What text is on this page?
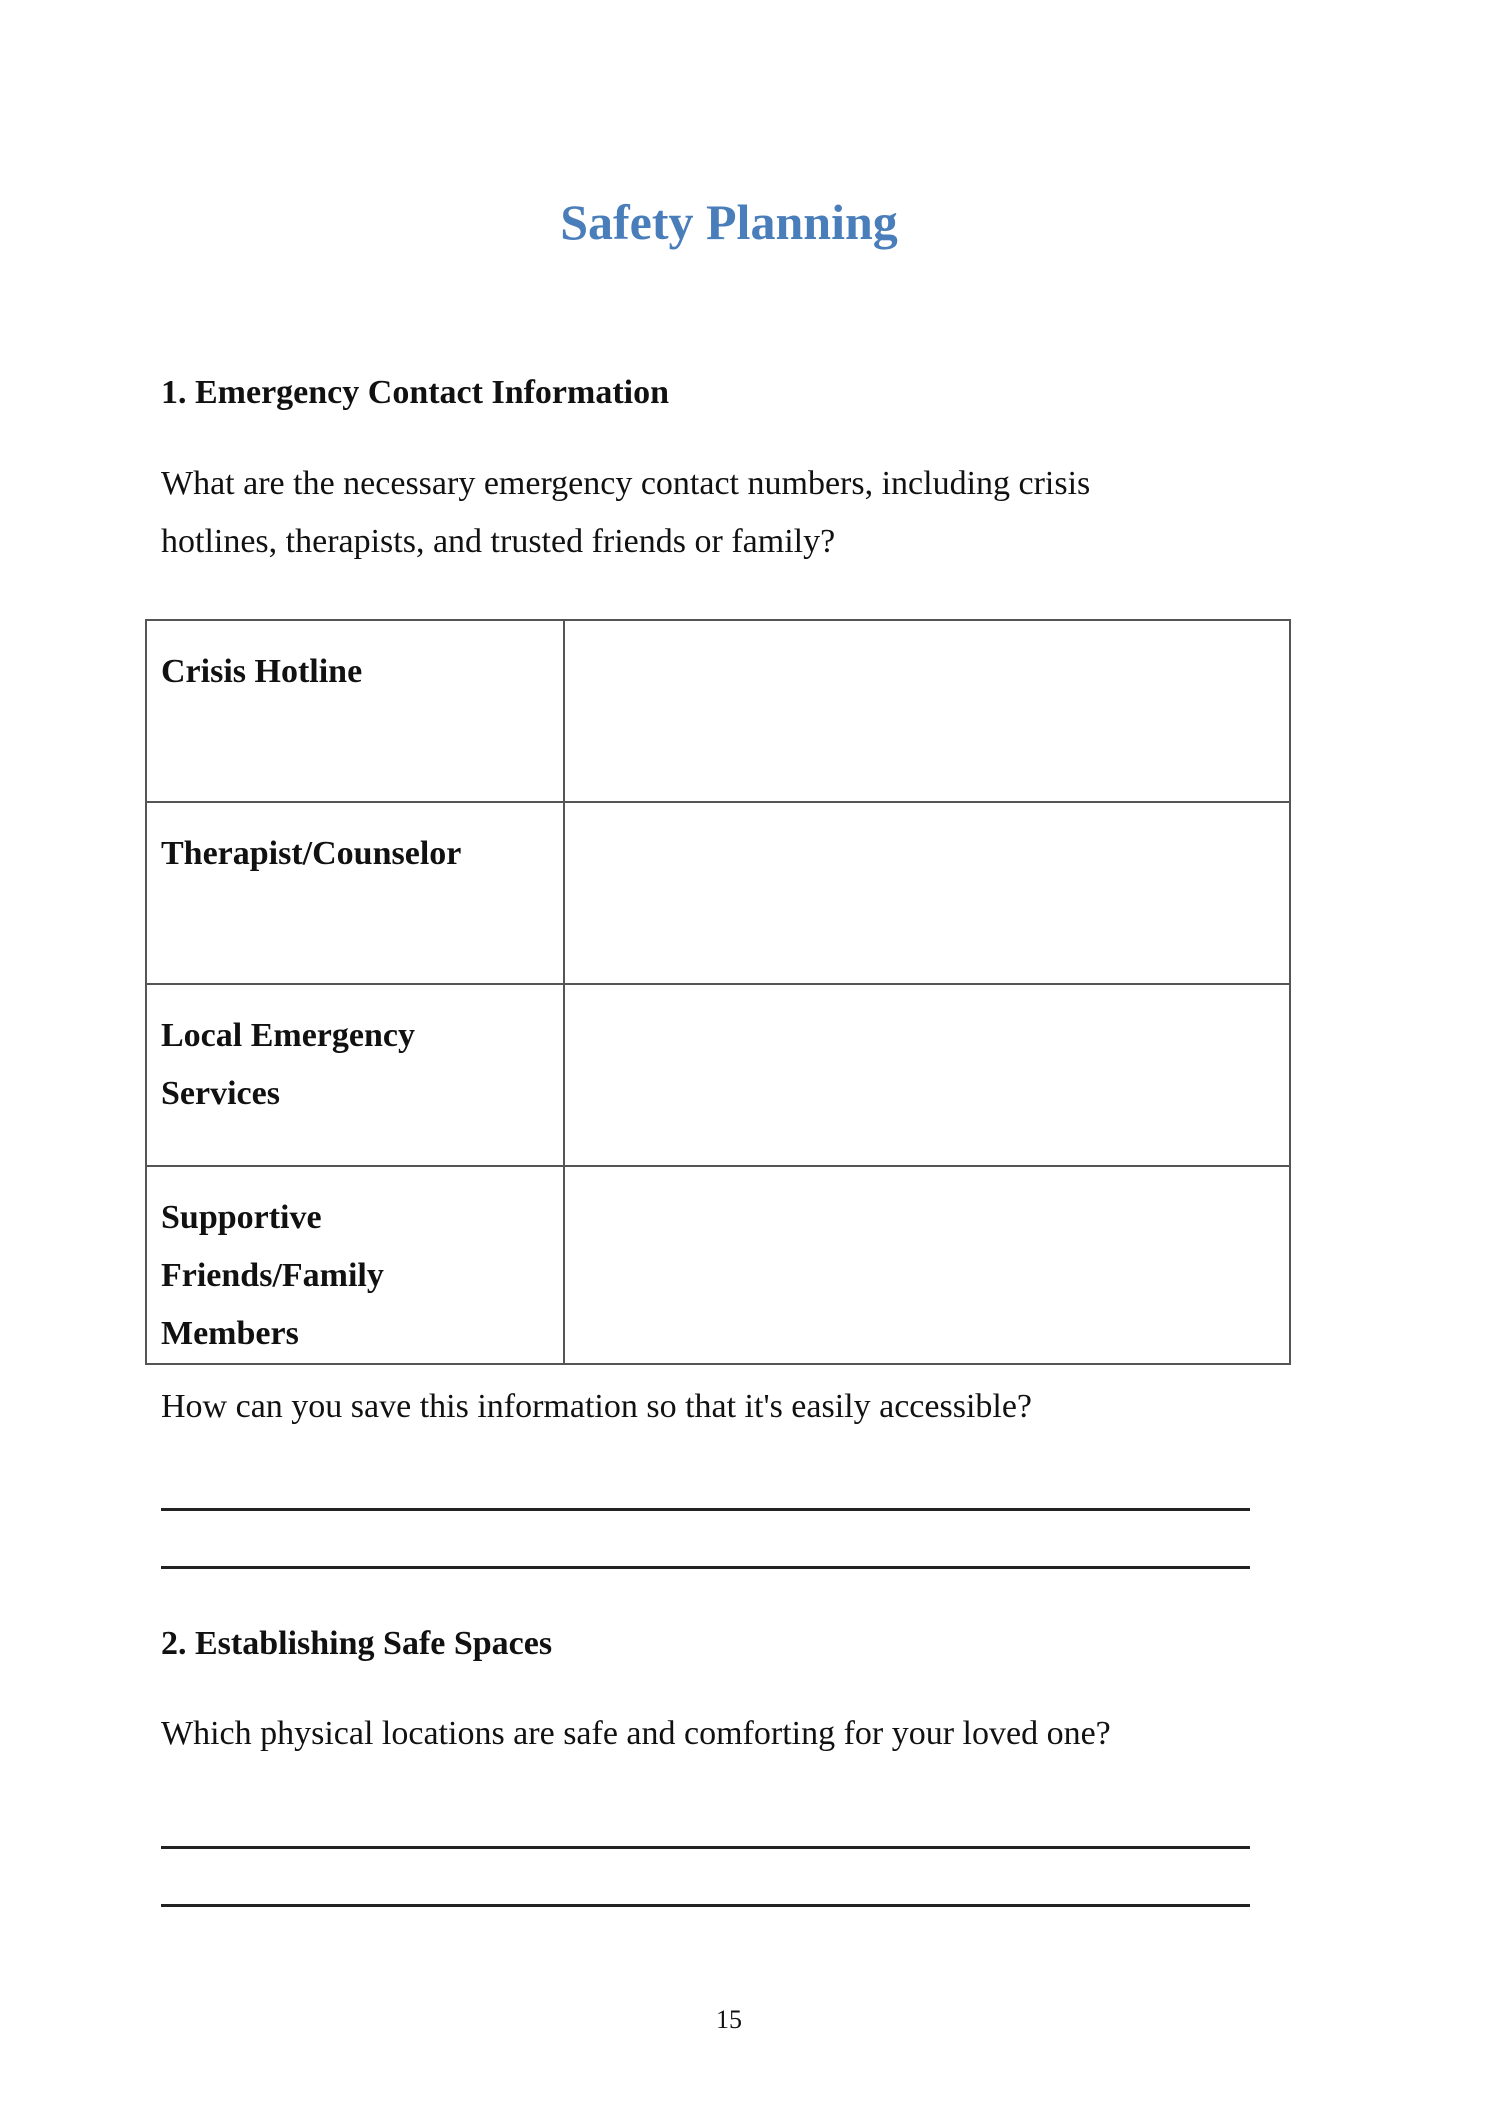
Safety Planning
1. Emergency Contact Information
What are the necessary emergency contact numbers, including crisis hotlines, therapists, and trusted friends or family?
Crisis Hotline	

Therapist/Counselor	

Local Emergency Services	

Supportive Friends/Family Members	

How can you save this information so that it's easily accessible?
2. Establishing Safe Spaces
Which physical locations are safe and comforting for your loved one?
15
